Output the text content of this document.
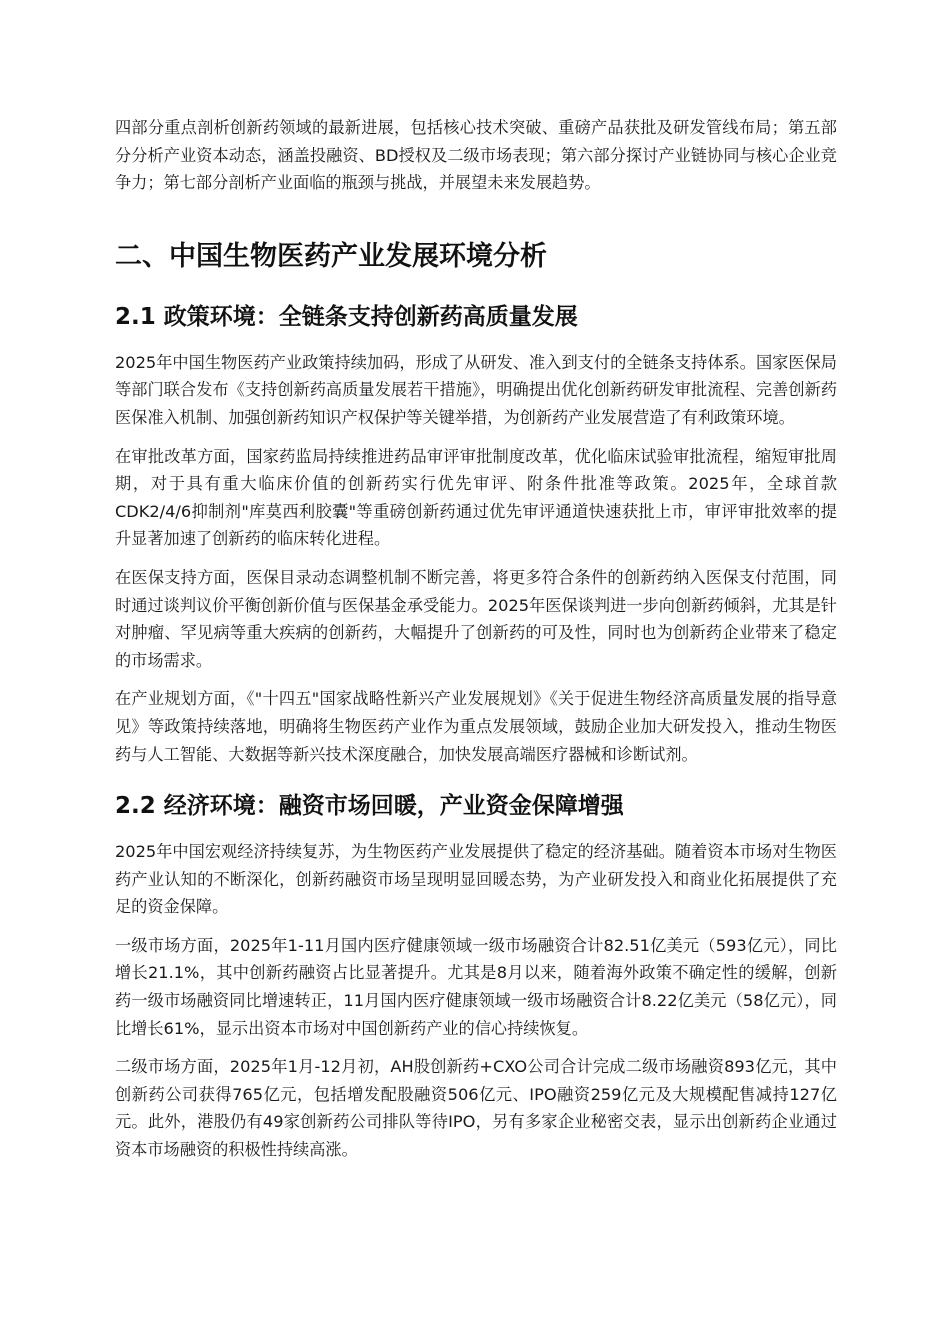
四部分重点剖析创新药领域的最新进展，包括核心技术突破、重磅产品获批及研发管线布局；第五部分分析产业资本动态，涵盖投融资、BD授权及二级市场表现；第六部分探讨产业链协同与核心企业竞争力；第七部分剖析产业面临的瓶颈与挑战，并展望未来发展趋势。

二、中国生物医药产业发展环境分析
2.1 政策环境：全链条支持创新药高质量发展

2025年中国生物医药产业政策持续加码，形成了从研发、准入到支付的全链条支持体系。国家医保局等部门联合发布《支持创新药高质量发展若干措施》，明确提出优化创新药研发审批流程、完善创新药医保准入机制、加强创新药知识产权保护等关键举措，为创新药产业发展营造了有利政策环境。

在审批改革方面，国家药监局持续推进药品审评审批制度改革，优化临床试验审批流程，缩短审批周期，对于具有重大临床价值的创新药实行优先审评、附条件批准等政策。2025年，全球首款CDK2/4/6抑制剂"库莫西利胶囊"等重磅创新药通过优先审评通道快速获批上市，审评审批效率的提升显著加速了创新药的临床转化进程。

在医保支持方面，医保目录动态调整机制不断完善，将更多符合条件的创新药纳入医保支付范围，同时通过谈判议价平衡创新价值与医保基金承受能力。2025年医保谈判进一步向创新药倾斜，尤其是针对肿瘤、罕见病等重大疾病的创新药，大幅提升了创新药的可及性，同时也为创新药企业带来了稳定的市场需求。

在产业规划方面，《"十四五"国家战略性新兴产业发展规划》《关于促进生物经济高质量发展的指导意见》等政策持续落地，明确将生物医药产业作为重点发展领域，鼓励企业加大研发投入，推动生物医药与人工智能、大数据等新兴技术深度融合，加快发展高端医疗器械和诊断试剂。

2.2 经济环境：融资市场回暖，产业资金保障增强

2025年中国宏观经济持续复苏，为生物医药产业发展提供了稳定的经济基础。随着资本市场对生物医药产业认知的不断深化，创新药融资市场呈现明显回暖态势，为产业研发投入和商业化拓展提供了充足的资金保障。

一级市场方面，2025年1-11月国内医疗健康领域一级市场融资合计82.51亿美元（593亿元），同比增长21.1%，其中创新药融资占比显著提升。尤其是8月以来，随着海外政策不确定性的缓解，创新药一级市场融资同比增速转正，11月国内医疗健康领域一级市场融资合计8.22亿美元（58亿元），同比增长61%，显示出资本市场对中国创新药产业的信心持续恢复。

二级市场方面，2025年1月-12月初，AH股创新药+CXO公司合计完成二级市场融资893亿元，其中创新药公司获得765亿元，包括增发配股融资506亿元、IPO融资259亿元及大规模配售减持127亿元。此外，港股仍有49家创新药公司排队等待IPO，另有多家企业秘密交表，显示出创新药企业通过资本市场融资的积极性持续高涨。
